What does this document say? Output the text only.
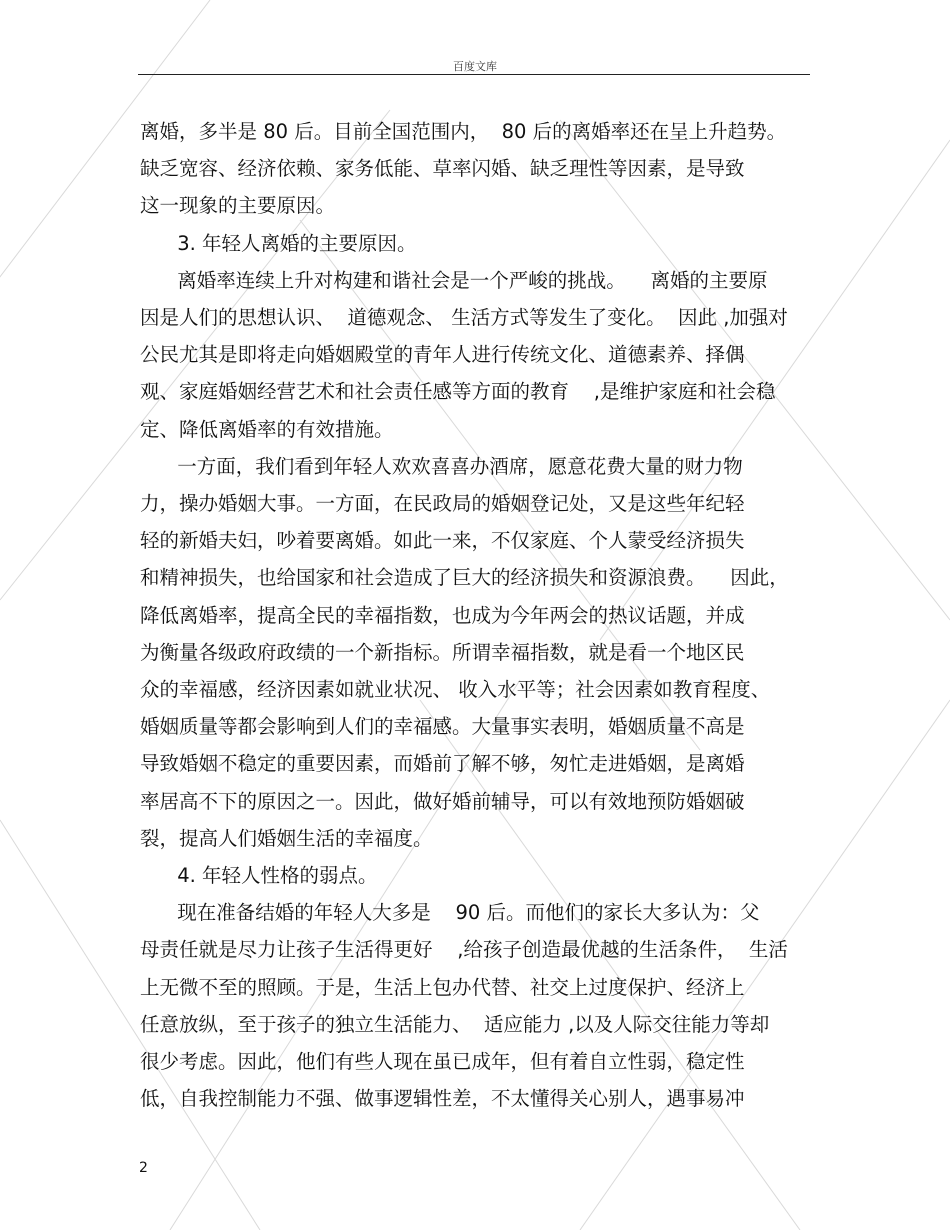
百度文库
离婚，多半是 80 后。目前全国范围内，  80 后的离婚率还在呈上升趋势。
缺乏宽容、经济依赖、家务低能、草率闪婚、缺乏理性等因素，是导致
这一现象的主要原因。
3. 年轻人离婚的主要原因。
离婚率连续上升对构建和谐社会是一个严峻的挑战。    离婚的主要原
因是人们的思想认识、  道德观念、 生活方式等发生了变化。  因此 ,加强对
公民尤其是即将走向婚姻殿堂的青年人进行传统文化、道德素养、择偶
观、家庭婚姻经营艺术和社会责任感等方面的教育    ,是维护家庭和社会稳
定、降低离婚率的有效措施。
一方面，我们看到年轻人欢欢喜喜办酒席，愿意花费大量的财力物
力，操办婚姻大事。一方面，在民政局的婚姻登记处，又是这些年纪轻
轻的新婚夫妇，吵着要离婚。如此一来，不仅家庭、个人蒙受经济损失
和精神损失，也给国家和社会造成了巨大的经济损失和资源浪费。    因此，
降低离婚率，提高全民的幸福指数，也成为今年两会的热议话题，并成
为衡量各级政府政绩的一个新指标。所谓幸福指数，就是看一个地区民
众的幸福感，经济因素如就业状况、 收入水平等；社会因素如教育程度、
婚姻质量等都会影响到人们的幸福感。大量事实表明，婚姻质量不高是
导致婚姻不稳定的重要因素，而婚前了解不够，匆忙走进婚姻，是离婚
率居高不下的原因之一。因此，做好婚前辅导，可以有效地预防婚姻破
裂，提高人们婚姻生活的幸福度。
4. 年轻人性格的弱点。
现在准备结婚的年轻人大多是    90 后。而他们的家长大多认为：父
母责任就是尽力让孩子生活得更好    ,给孩子创造最优越的生活条件，  生活
上无微不至的照顾。于是，生活上包办代替、社交上过度保护、经济上
任意放纵，至于孩子的独立生活能力、  适应能力 ,以及人际交往能力等却
很少考虑。因此，他们有些人现在虽已成年，但有着自立性弱，稳定性
低，自我控制能力不强、做事逻辑性差，不太懂得关心别人，遇事易冲
2
